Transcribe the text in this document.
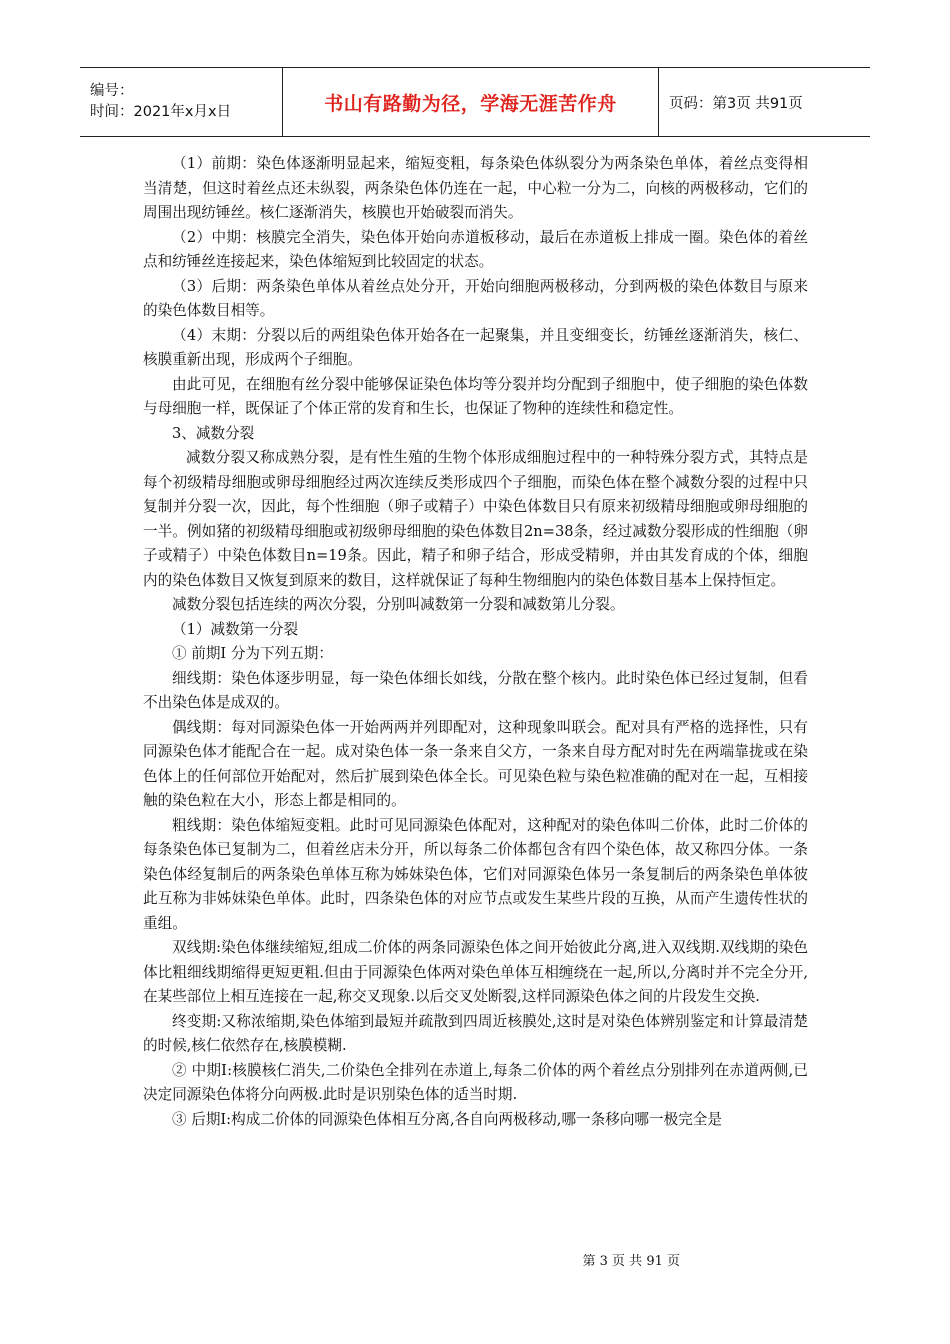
编号：
时间：2021年x月x日	书山有路勤为径，学海无涯苦作舟	页码：第3页 共91页

（1）前期：染色体逐渐明显起来，缩短变粗，每条染色体纵裂分为两条染色单体，着丝点变得相当清楚，但这时着丝点还未纵裂，两条染色体仍连在一起，中心粒一分为二，向核的两极移动，它们的周围出现纺锤丝。核仁逐渐消失，核膜也开始破裂而消失。

（2）中期：核膜完全消失，染色体开始向赤道板移动，最后在赤道板上排成一圈。染色体的着丝点和纺锤丝连接起来，染色体缩短到比较固定的状态。

（3）后期：两条染色单体从着丝点处分开，开始向细胞两极移动，分到两极的染色体数目与原来的染色体数目相等。

（4）末期：分裂以后的两组染色体开始各在一起聚集，并且变细变长，纺锤丝逐渐消失，核仁、核膜重新出现，形成两个子细胞。

由此可见，在细胞有丝分裂中能够保证染色体均等分裂并均分配到子细胞中，使子细胞的染色体数与母细胞一样，既保证了个体正常的发育和生长，也保证了物种的连续性和稳定性。

3、减数分裂

减数分裂又称成熟分裂，是有性生殖的生物个体形成细胞过程中的一种特殊分裂方式，其特点是每个初级精母细胞或卵母细胞经过两次连续反类形成四个子细胞，而染色体在整个减数分裂的过程中只复制并分裂一次，因此，每个性细胞（卵子或精子）中染色体数目只有原来初级精母细胞或卵母细胞的一半。例如猪的初级精母细胞或初级卵母细胞的染色体数目2n=38条，经过减数分裂形成的性细胞（卵子或精子）中染色体数目n=19条。因此，精子和卵子结合，形成受精卵，并由其发育成的个体，细胞内的染色体数目又恢复到原来的数目，这样就保证了每种生物细胞内的染色体数目基本上保持恒定。

减数分裂包括连续的两次分裂，分别叫减数第一分裂和减数第儿分裂。

（1）减数第一分裂

① 前期Ⅰ 分为下列五期：

细线期：染色体逐步明显，每一染色体细长如线，分散在整个核内。此时染色体已经过复制，但看不出染色体是成双的。

偶线期：每对同源染色体一开始两两并列即配对，这种现象叫联会。配对具有严格的选择性，只有同源染色体才能配合在一起。成对染色体一条一条来自父方，一条来自母方配对时先在两端靠拢或在染色体上的任何部位开始配对，然后扩展到染色体全长。可见染色粒与染色粒准确的配对在一起，互相接触的染色粒在大小，形态上都是相同的。

粗线期：染色体缩短变粗。此时可见同源染色体配对，这种配对的染色体叫二价体，此时二价体的每条染色体已复制为二，但着丝店未分开，所以每条二价体都包含有四个染色体，故又称四分体。一条染色体经复制后的两条染色单体互称为姊妹染色体，它们对同源染色体另一条复制后的两条染色单体彼此互称为非姊妹染色单体。此时，四条染色体的对应节点或发生某些片段的互换，从而产生遗传性状的重组。

双线期:染色体继续缩短,组成二价体的两条同源染色体之间开始彼此分离,进入双线期.双线期的染色体比粗细线期缩得更短更粗.但由于同源染色体两对染色单体互相缠绕在一起,所以,分离时并不完全分开,在某些部位上相互连接在一起,称交叉现象.以后交叉处断裂,这样同源染色体之间的片段发生交换.

终变期:又称浓缩期,染色体缩到最短并疏散到四周近核膜处,这时是对染色体辨别鉴定和计算最清楚的时候,核仁依然存在,核膜模糊.

② 中期Ⅰ:核膜核仁消失,二价染色全排列在赤道上,每条二价体的两个着丝点分别排列在赤道两侧,已决定同源染色体将分向两极.此时是识别染色体的适当时期.

③ 后期Ⅰ:构成二价体的同源染色体相互分离,各自向两极移动,哪一条移向哪一极完全是

第 3 页 共 91 页
